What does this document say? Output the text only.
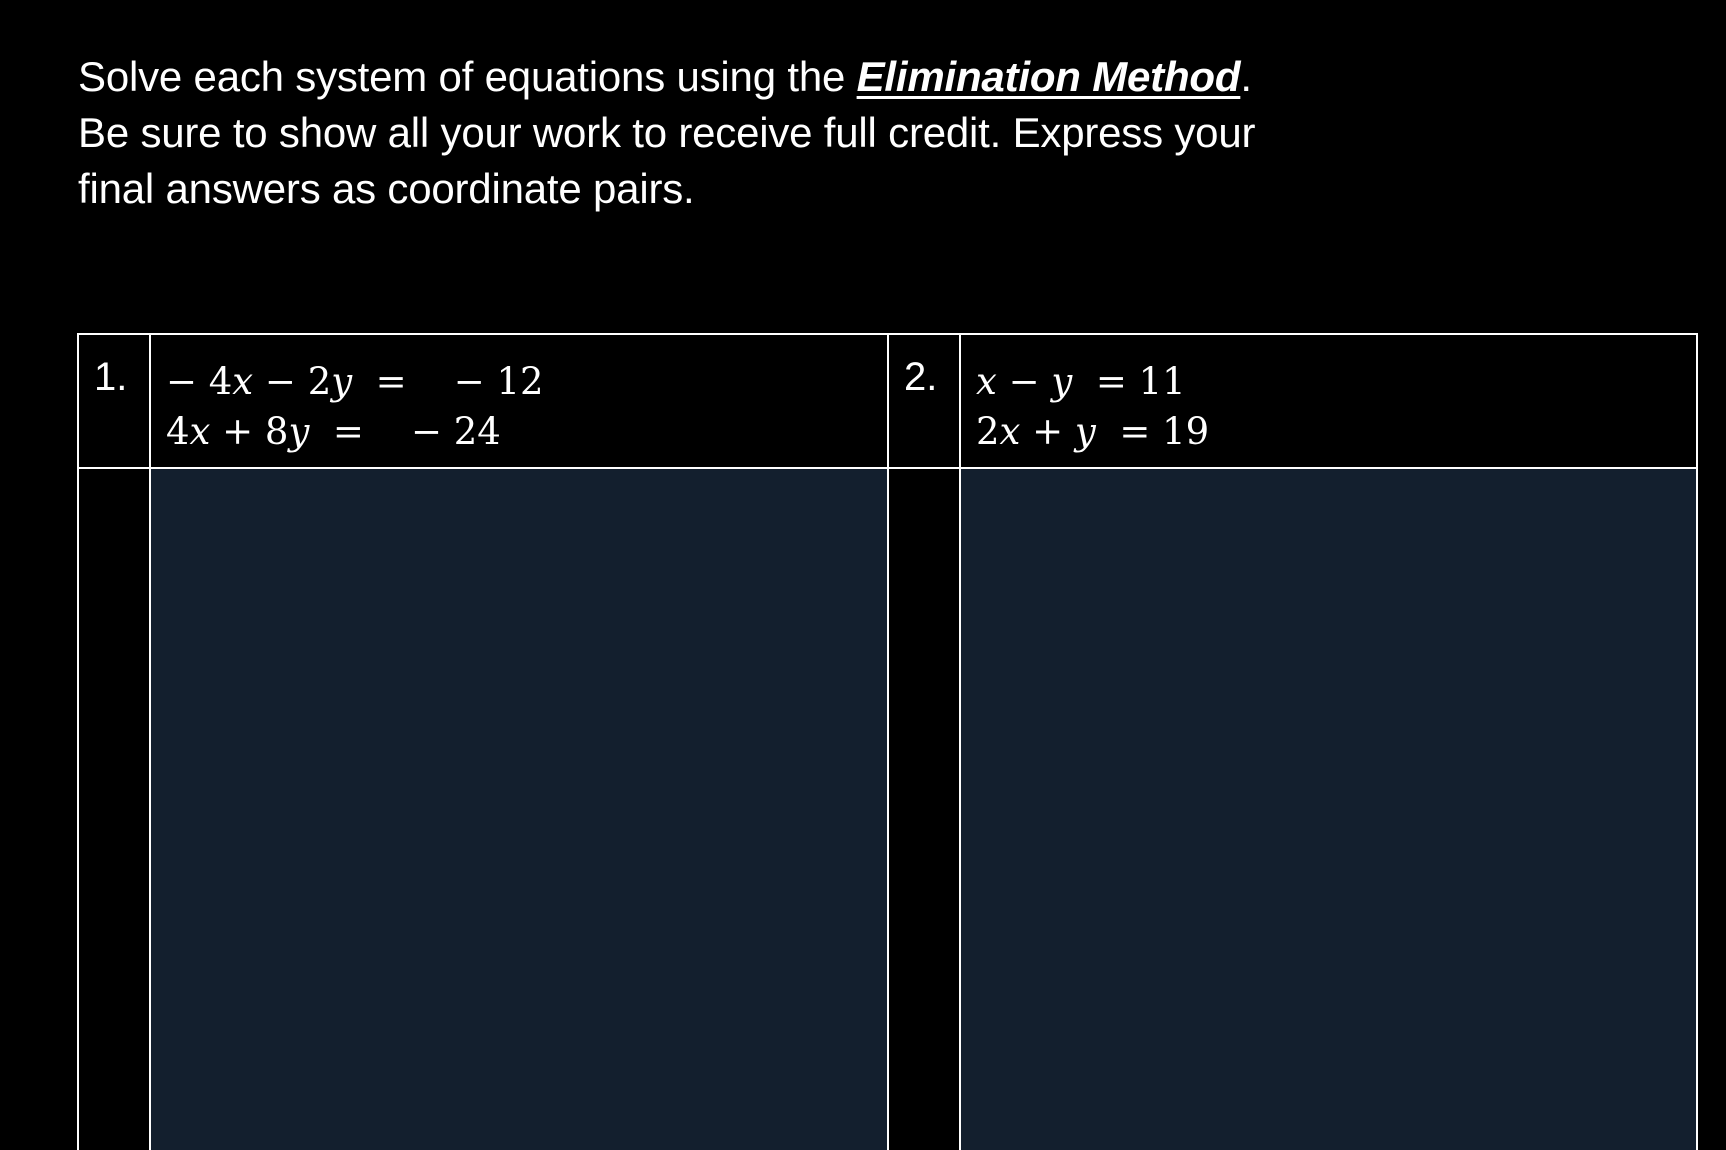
Solve each system of equations using the Elimination Method.
Be sure to show all your work to receive full credit. Express your
final answers as coordinate pairs.
1.	− 4𝑥 − 2𝑦  =    − 12
4𝑥 + 8𝑦  =    − 24
2.	𝑥 − 𝑦  = 11
2𝑥 + 𝑦  = 19
